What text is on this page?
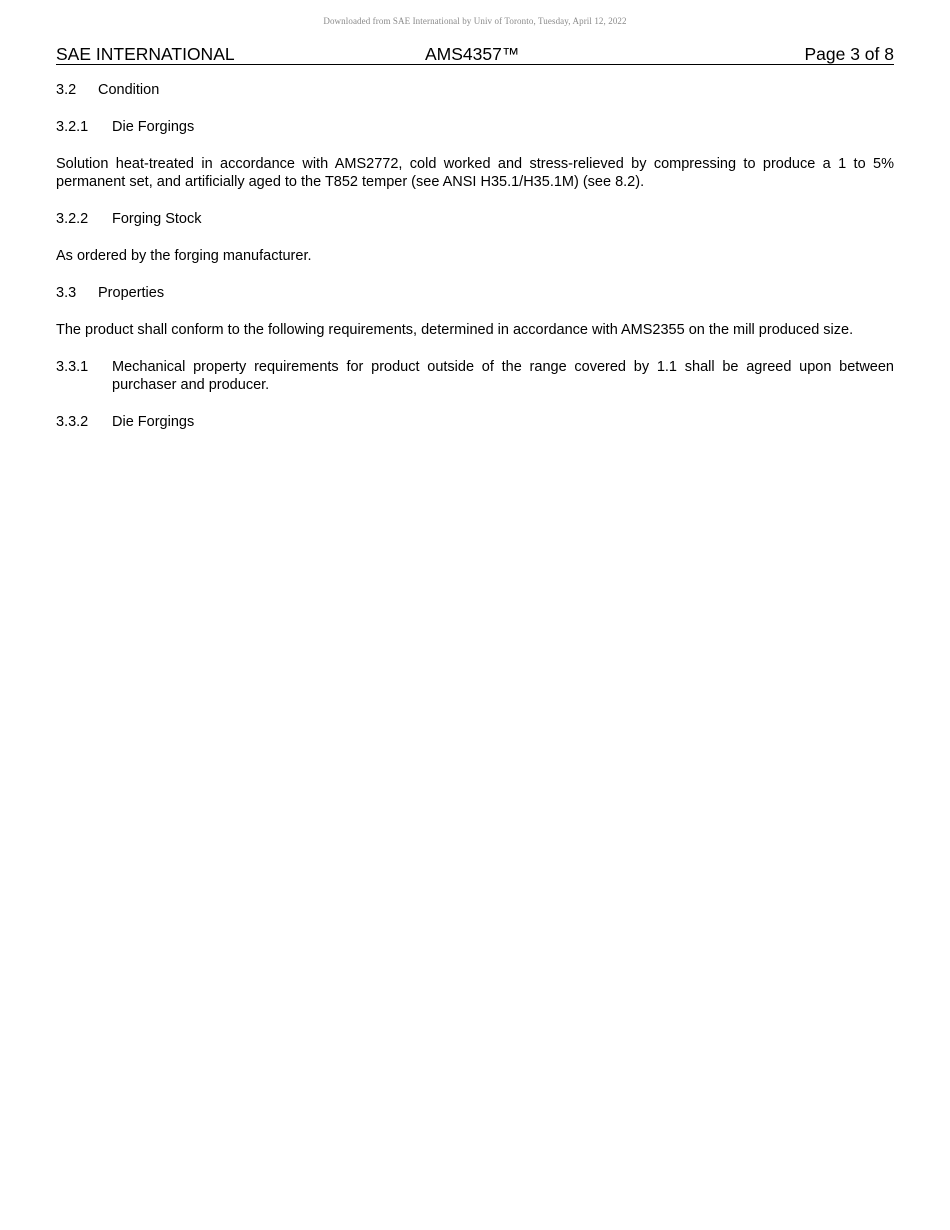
Downloaded from SAE International by Univ of Toronto, Tuesday, April 12, 2022
SAE INTERNATIONAL	AMS4357™	Page 3 of 8
3.2 Condition
3.2.1 Die Forgings

Solution heat-treated in accordance with AMS2772, cold worked and stress-relieved by compressing to produce a 1 to 5% permanent set, and artificially aged to the T852 temper (see ANSI H35.1/H35.1M) (see 8.2).

3.2.2 Forging Stock

As ordered by the forging manufacturer.

3.3 Properties

The product shall conform to the following requirements, determined in accordance with AMS2355 on the mill produced size.

3.3.1	Mechanical property requirements for product outside of the range covered by 1.1 shall be agreed upon between purchaser and producer.
3.3.2 Die Forgings
